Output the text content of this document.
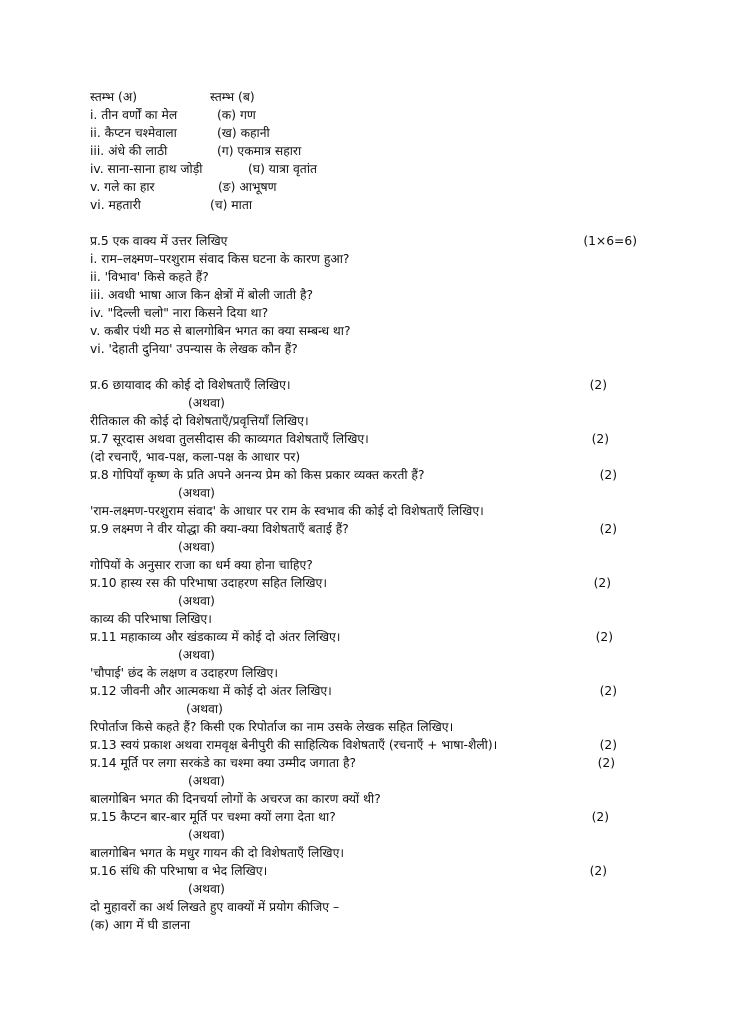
स्तम्भ (अ)	स्तम्भ (ब)
i. तीन वर्णों का मेल	(क) गण
ii. कैप्टन चश्मेवाला	(ख) कहानी
iii. अंधे की लाठी	(ग) एकमात्र सहारा
iv. साना-साना हाथ जोड़ी	(घ) यात्रा वृतांत
v. गले का हार	(ङ) आभूषण
vi. महतारी	(च) माता
प्र.5 एक वाक्य में उत्तर लिखिए	(1×6=6)
i. राम–लक्ष्मण–परशुराम संवाद किस घटना के कारण हुआ?
ii. 'विभाव' किसे कहते हैं?
iii. अवधी भाषा आज किन क्षेत्रों में बोली जाती है?
iv. "दिल्ली चलो" नारा किसने दिया था?
v. कबीर पंथी मठ से बालगोबिन भगत का क्या सम्बन्ध था?
vi. 'देहाती दुनिया' उपन्यास के लेखक कौन हैं?
प्र.6 छायावाद की कोई दो विशेषताएँ लिखिए।	(2)
(अथवा)
रीतिकाल की कोई दो विशेषताएँ/प्रवृत्तियाँ लिखिए।
प्र.7 सूरदास अथवा तुलसीदास की काव्यगत विशेषताएँ लिखिए।	(2)
(दो रचनाएँ, भाव-पक्ष, कला-पक्ष के आधार पर)
प्र.8 गोपियाँ कृष्ण के प्रति अपने अनन्य प्रेम को किस प्रकार व्यक्त करती हैं?	(2)
(अथवा)
'राम-लक्ष्मण-परशुराम संवाद' के आधार पर राम के स्वभाव की कोई दो विशेषताएँ लिखिए।
प्र.9 लक्ष्मण ने वीर योद्धा की क्या-क्या विशेषताएँ बताई हैं?	(2)
(अथवा)
गोपियों के अनुसार राजा का धर्म क्या होना चाहिए?
प्र.10 हास्य रस की परिभाषा उदाहरण सहित लिखिए।	(2)
(अथवा)
काव्य की परिभाषा लिखिए।
प्र.11 महाकाव्य और खंडकाव्य में कोई दो अंतर लिखिए।	(2)
(अथवा)
'चौपाई' छंद के लक्षण व उदाहरण लिखिए।
प्र.12 जीवनी और आत्मकथा में कोई दो अंतर लिखिए।	(2)
(अथवा)
रिपोर्ताज किसे कहते हैं? किसी एक रिपोर्ताज का नाम उसके लेखक सहित लिखिए।
प्र.13 स्वयं प्रकाश अथवा रामवृक्ष बेनीपुरी की साहित्यिक विशेषताएँ (रचनाएँ + भाषा-शैली)।	(2)
प्र.14 मूर्ति पर लगा सरकंडे का चश्मा क्या उम्मीद जगाता है?	(2)
(अथवा)
बालगोबिन भगत की दिनचर्या लोगों के अचरज का कारण क्यों थी?
प्र.15 कैप्टन बार-बार मूर्ति पर चश्मा क्यों लगा देता था?	(2)
(अथवा)
बालगोबिन भगत के मधुर गायन की दो विशेषताएँ लिखिए।
प्र.16 संधि की परिभाषा व भेद लिखिए।	(2)
(अथवा)
दो मुहावरों का अर्थ लिखते हुए वाक्यों में प्रयोग कीजिए –
(क) आग में घी डालना
